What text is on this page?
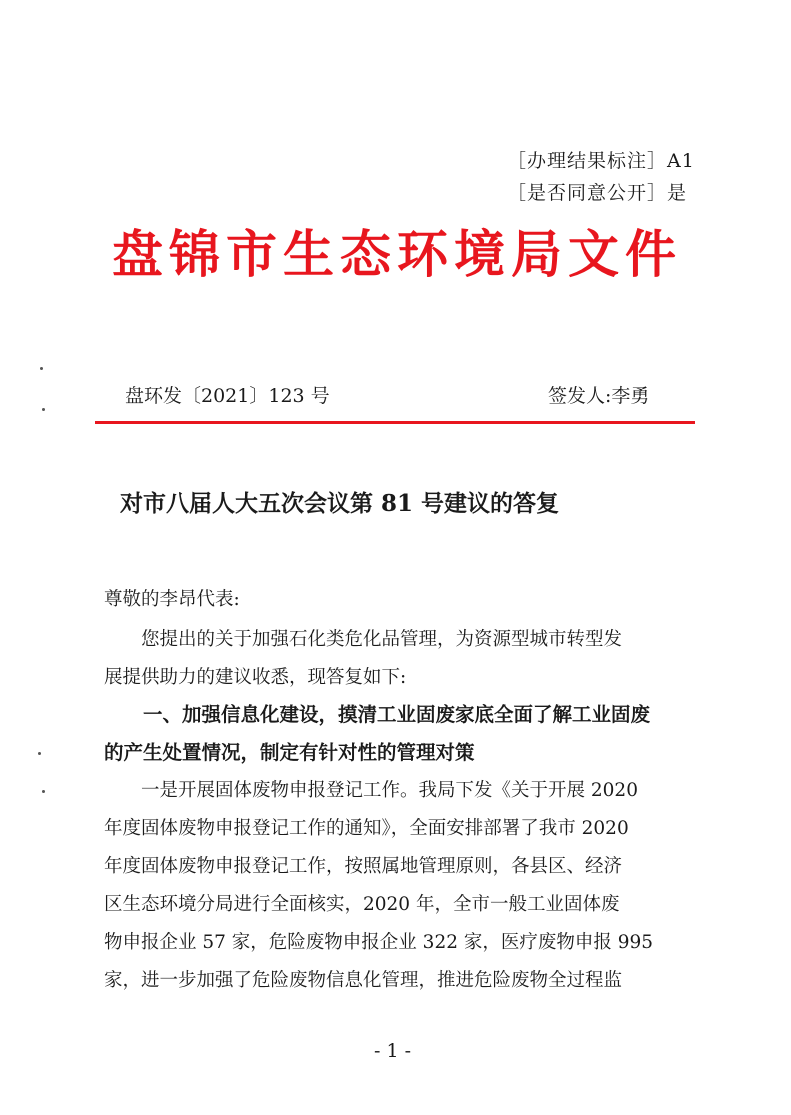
［办理结果标注］A1
［是否同意公开］是
盘锦市生态环境局文件
盘环发〔2021〕123 号	签发人:李勇
对市八届人大五次会议第 81 号建议的答复
尊敬的李昂代表:
　　您提出的关于加强石化类危化品管理，为资源型城市转型发
展提供助力的建议收悉，现答复如下:
　　一、加强信息化建设，摸清工业固废家底全面了解工业固废
的产生处置情况，制定有针对性的管理对策
　　一是开展固体废物申报登记工作。我局下发《关于开展 2020
年度固体废物申报登记工作的通知》，全面安排部署了我市 2020
年度固体废物申报登记工作，按照属地管理原则，各县区、经济
区生态环境分局进行全面核实，2020 年，全市一般工业固体废
物申报企业 57 家，危险废物申报企业 322 家，医疗废物申报 995
家，进一步加强了危险废物信息化管理，推进危险废物全过程监
- 1 -
